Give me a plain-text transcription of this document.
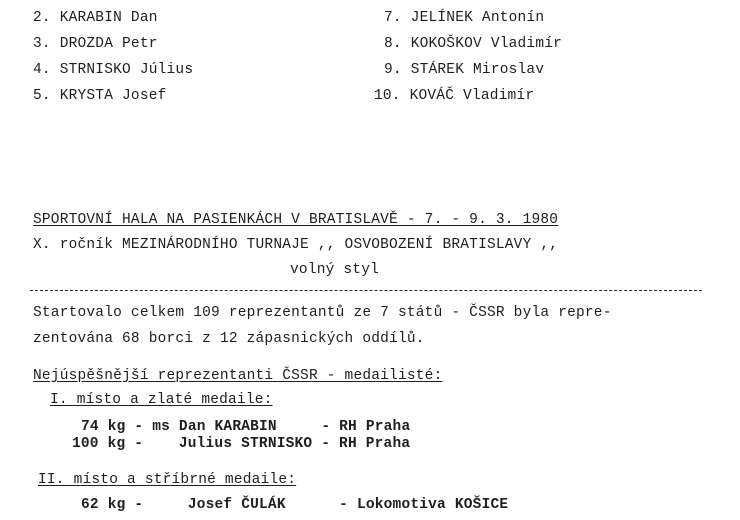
2. KARABIN Dan
3. DROZDA Petr
4. STRNISKO Július
5. KRYSTA Josef
7. JELÍNEK Antonín
8. KOKOŠKOV Vladimír
9. STÁREK Miroslav
10. KOVÁČ Vladimír
SPORTOVNÍ HALA NA PASIENKÁCH V BRATISLAVĚ - 7. - 9. 3. 1980
X. ročník MEZINÁRODNÍHO TURNAJE ,, OSVOBOZENÍ BRATISLAVY ,,
volný styl
Startovalo celkem 109 reprezentantů ze 7 států - ČSSR byla repre-
zentována 68 borci z 12 zápasnických oddílů.
Nejúspěšnější reprezentanti ČSSR - medailisté:
I. místo a zlaté medaile:
74 kg - ms Dan KARABIN     - RH Praha
100 kg -    Julius STRNISKO - RH Praha
II. místo a stříbrné medaile:
62 kg -     Josef ČULÁK      - Lokomotiva KOŠICE
